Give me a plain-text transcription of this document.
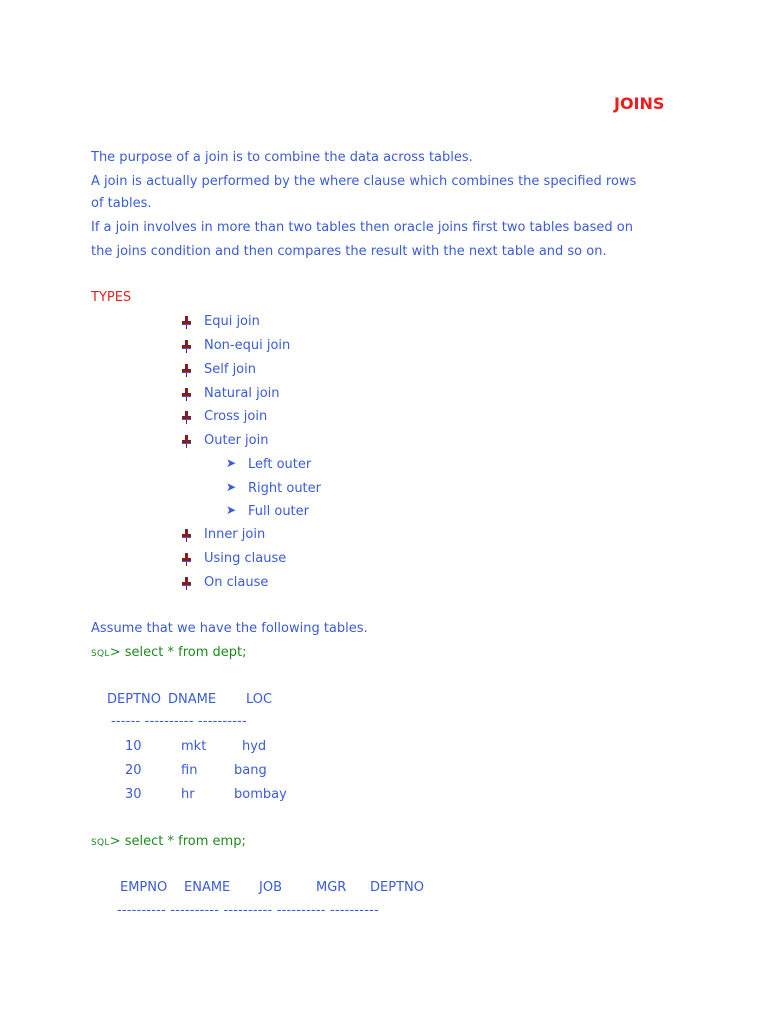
JOINS
The purpose of a join is to combine the data across tables.
A join is actually performed by the where clause which combines the specified rows
of tables.
If a join involves in more than two tables then oracle joins first two tables based on
the joins condition and then compares the result with the next table and so on.
TYPES
Equi join
Non-equi join
Self join
Natural join
Cross join
Outer join
➤ Left outer
➤ Right outer
➤ Full outer
Inner join
Using clause
On clause
Assume that we have the following tables.
SQL> select * from dept;
DEPTNO DNAME LOC
------ ---------- ----------
10	mkt	hyd
20	fin	bang
30	hr	bombay
SQL> select * from emp;
EMPNO ENAME JOB	MGR DEPTNO
---------- ---------- ---------- ---------- ----------
